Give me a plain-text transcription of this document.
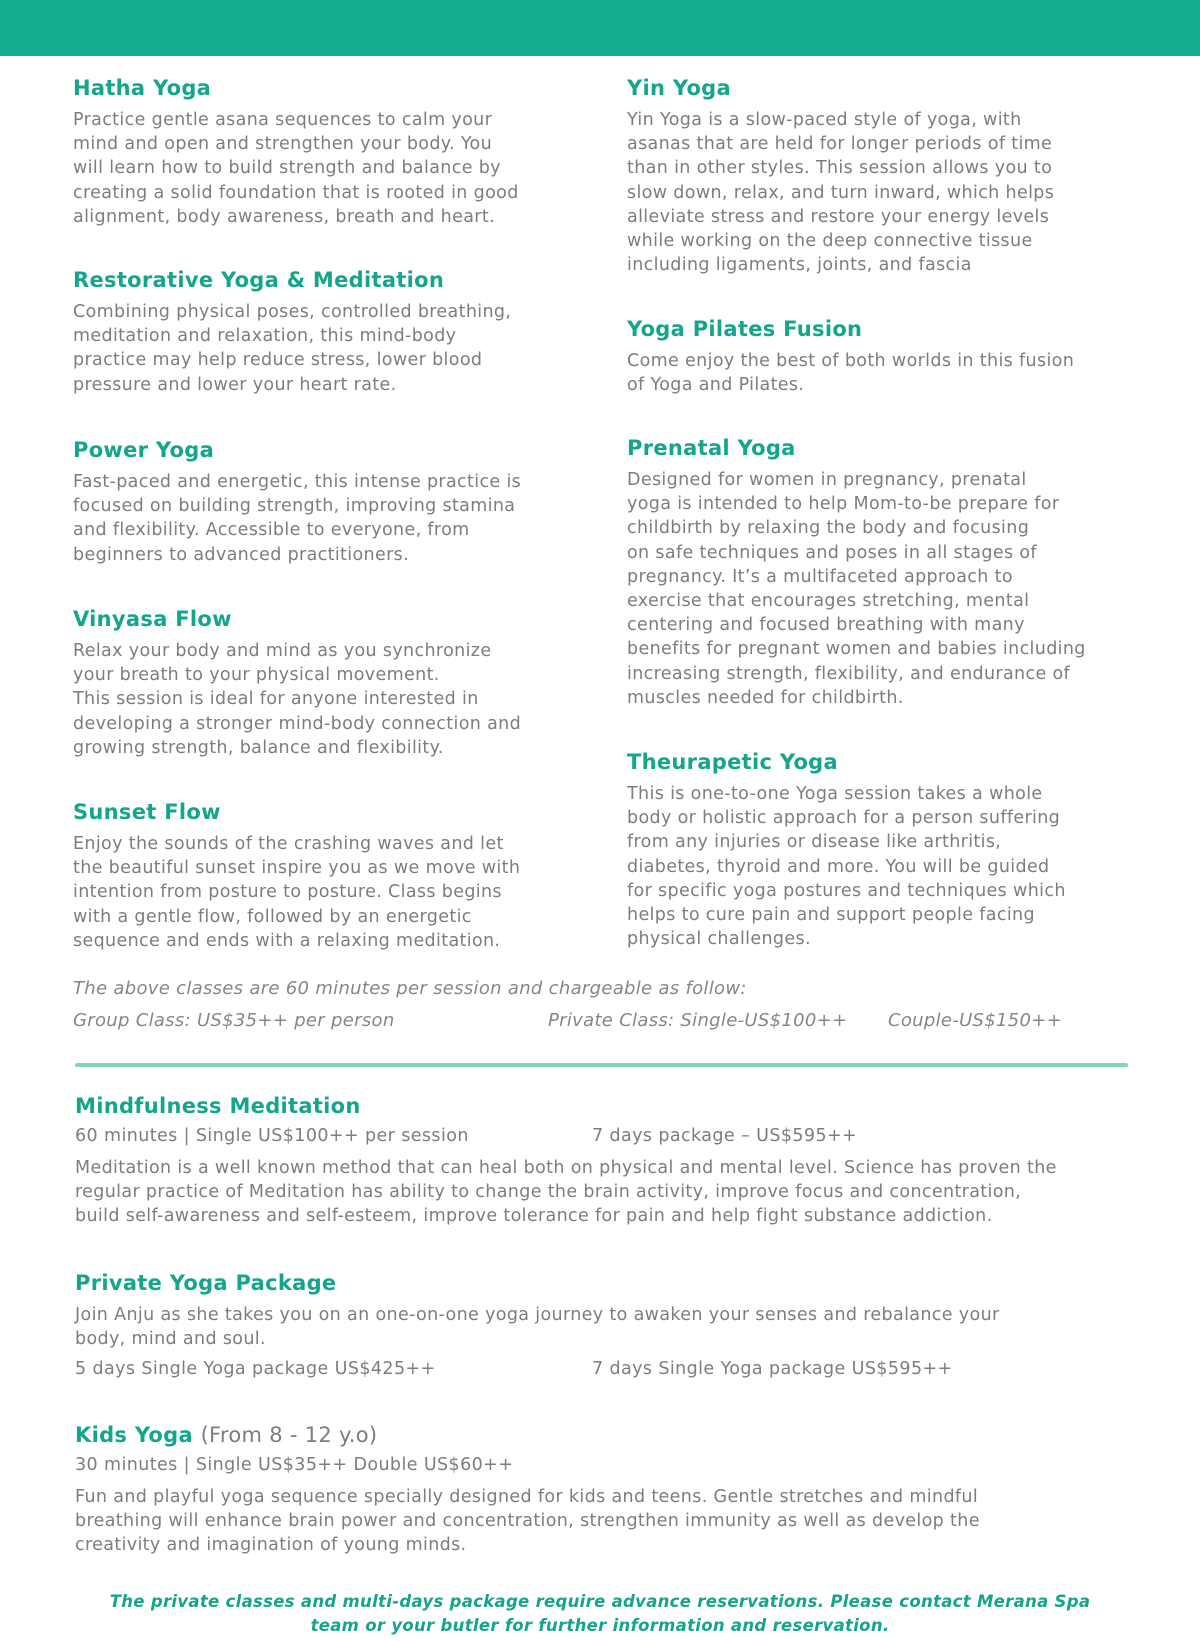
Hatha Yoga

Practice gentle asana sequences to calm your
mind and open and strengthen your body. You
will learn how to build strength and balance by
creating a solid foundation that is rooted in good
alignment, body awareness, breath and heart.

Restorative Yoga & Meditation

Combining physical poses, controlled breathing,
meditation and relaxation, this mind-body
practice may help reduce stress, lower blood
pressure and lower your heart rate.

Power Yoga

Fast-paced and energetic, this intense practice is
focused on building strength, improving stamina
and flexibility. Accessible to everyone, from
beginners to advanced practitioners.

Vinyasa Flow

Relax your body and mind as you synchronize
your breath to your physical movement.
This session is ideal for anyone interested in
developing a stronger mind-body connection and
growing strength, balance and flexibility.

Sunset Flow

Enjoy the sounds of the crashing waves and let
the beautiful sunset inspire you as we move with
intention from posture to posture. Class begins
with a gentle flow, followed by an energetic
sequence and ends with a relaxing meditation.

Yin Yoga

Yin Yoga is a slow-paced style of yoga, with
asanas that are held for longer periods of time
than in other styles. This session allows you to
slow down, relax, and turn inward, which helps
alleviate stress and restore your energy levels
while working on the deep connective tissue
including ligaments, joints, and fascia

Yoga Pilates Fusion

Come enjoy the best of both worlds in this fusion
of Yoga and Pilates.

Prenatal Yoga

Designed for women in pregnancy, prenatal
yoga is intended to help Mom-to-be prepare for
childbirth by relaxing the body and focusing
on safe techniques and poses in all stages of
pregnancy. It’s a multifaceted approach to
exercise that encourages stretching, mental
centering and focused breathing with many
benefits for pregnant women and babies including
increasing strength, flexibility, and endurance of
muscles needed for childbirth.

Theurapetic Yoga

This is one-to-one Yoga session takes a whole
body or holistic approach for a person suffering
from any injuries or disease like arthritis,
diabetes, thyroid and more. You will be guided
for specific yoga postures and techniques which
helps to cure pain and support people facing
physical challenges.

The above classes are 60 minutes per session and chargeable as follow:
Group Class: US$35++ per person	Private Class: Single-US$100++ Couple-US$150++
Mindfulness Meditation
60 minutes | Single US$100++ per session	7 days package – US$595++

Meditation is a well known method that can heal both on physical and mental level. Science has proven the
regular practice of Meditation has ability to change the brain activity, improve focus and concentration,
build self-awareness and self-esteem, improve tolerance for pain and help fight substance addiction.

Private Yoga Package

Join Anju as she takes you on an one-on-one yoga journey to awaken your senses and rebalance your
body, mind and soul.

5 days Single Yoga package US$425++	7 days Single Yoga package US$595++
Kids Yoga (From 8 - 12 y.o)
30 minutes | Single US$35++ Double US$60++

Fun and playful yoga sequence specially designed for kids and teens. Gentle stretches and mindful
breathing will enhance brain power and concentration, strengthen immunity as well as develop the
creativity and imagination of young minds.

The private classes and multi-days package require advance reservations. Please contact Merana Spa
team or your butler for further information and reservation.
